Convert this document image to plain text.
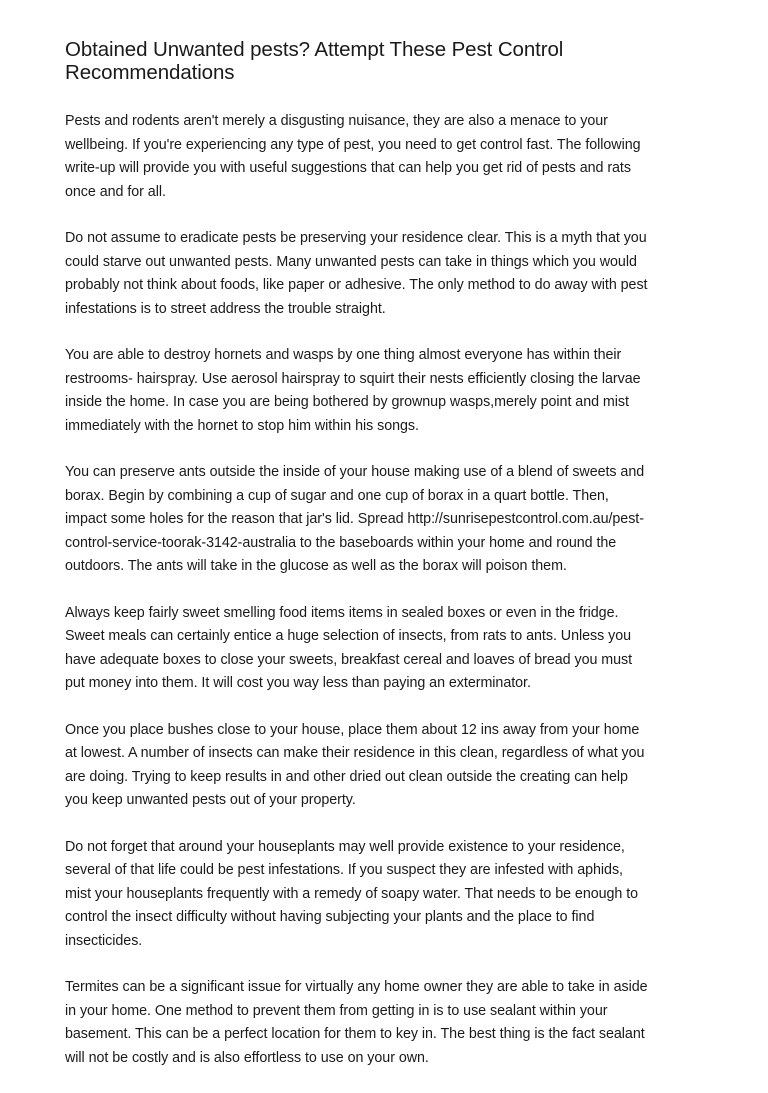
Obtained Unwanted pests? Attempt These Pest Control
Recommendations

Pests and rodents aren't merely a disgusting nuisance, they are also a menace to your
wellbeing. If you're experiencing any type of pest, you need to get control fast. The following
write-up will provide you with useful suggestions that can help you get rid of pests and rats
once and for all.

Do not assume to eradicate pests be preserving your residence clear. This is a myth that you
could starve out unwanted pests. Many unwanted pests can take in things which you would
probably not think about foods, like paper or adhesive. The only method to do away with pest
infestations is to street address the trouble straight.

You are able to destroy hornets and wasps by one thing almost everyone has within their
restrooms- hairspray. Use aerosol hairspray to squirt their nests efficiently closing the larvae
inside the home. In case you are being bothered by grownup wasps,merely point and mist
immediately with the hornet to stop him within his songs.

You can preserve ants outside the inside of your house making use of a blend of sweets and
borax. Begin by combining a cup of sugar and one cup of borax in a quart bottle. Then,
impact some holes for the reason that jar's lid. Spread http://sunrisepestcontrol.com.au/pest-
control-service-toorak-3142-australia to the baseboards within your home and round the
outdoors. The ants will take in the glucose as well as the borax will poison them.

Always keep fairly sweet smelling food items items in sealed boxes or even in the fridge.
Sweet meals can certainly entice a huge selection of insects, from rats to ants. Unless you
have adequate boxes to close your sweets, breakfast cereal and loaves of bread you must
put money into them. It will cost you way less than paying an exterminator.

Once you place bushes close to your house, place them about 12 ins away from your home
at lowest. A number of insects can make their residence in this clean, regardless of what you
are doing. Trying to keep results in and other dried out clean outside the creating can help
you keep unwanted pests out of your property.

Do not forget that around your houseplants may well provide existence to your residence,
several of that life could be pest infestations. If you suspect they are infested with aphids,
mist your houseplants frequently with a remedy of soapy water. That needs to be enough to
control the insect difficulty without having subjecting your plants and the place to find
insecticides.

Termites can be a significant issue for virtually any home owner they are able to take in aside
in your home. One method to prevent them from getting in is to use sealant within your
basement. This can be a perfect location for them to key in. The best thing is the fact sealant
will not be costly and is also effortless to use on your own.
